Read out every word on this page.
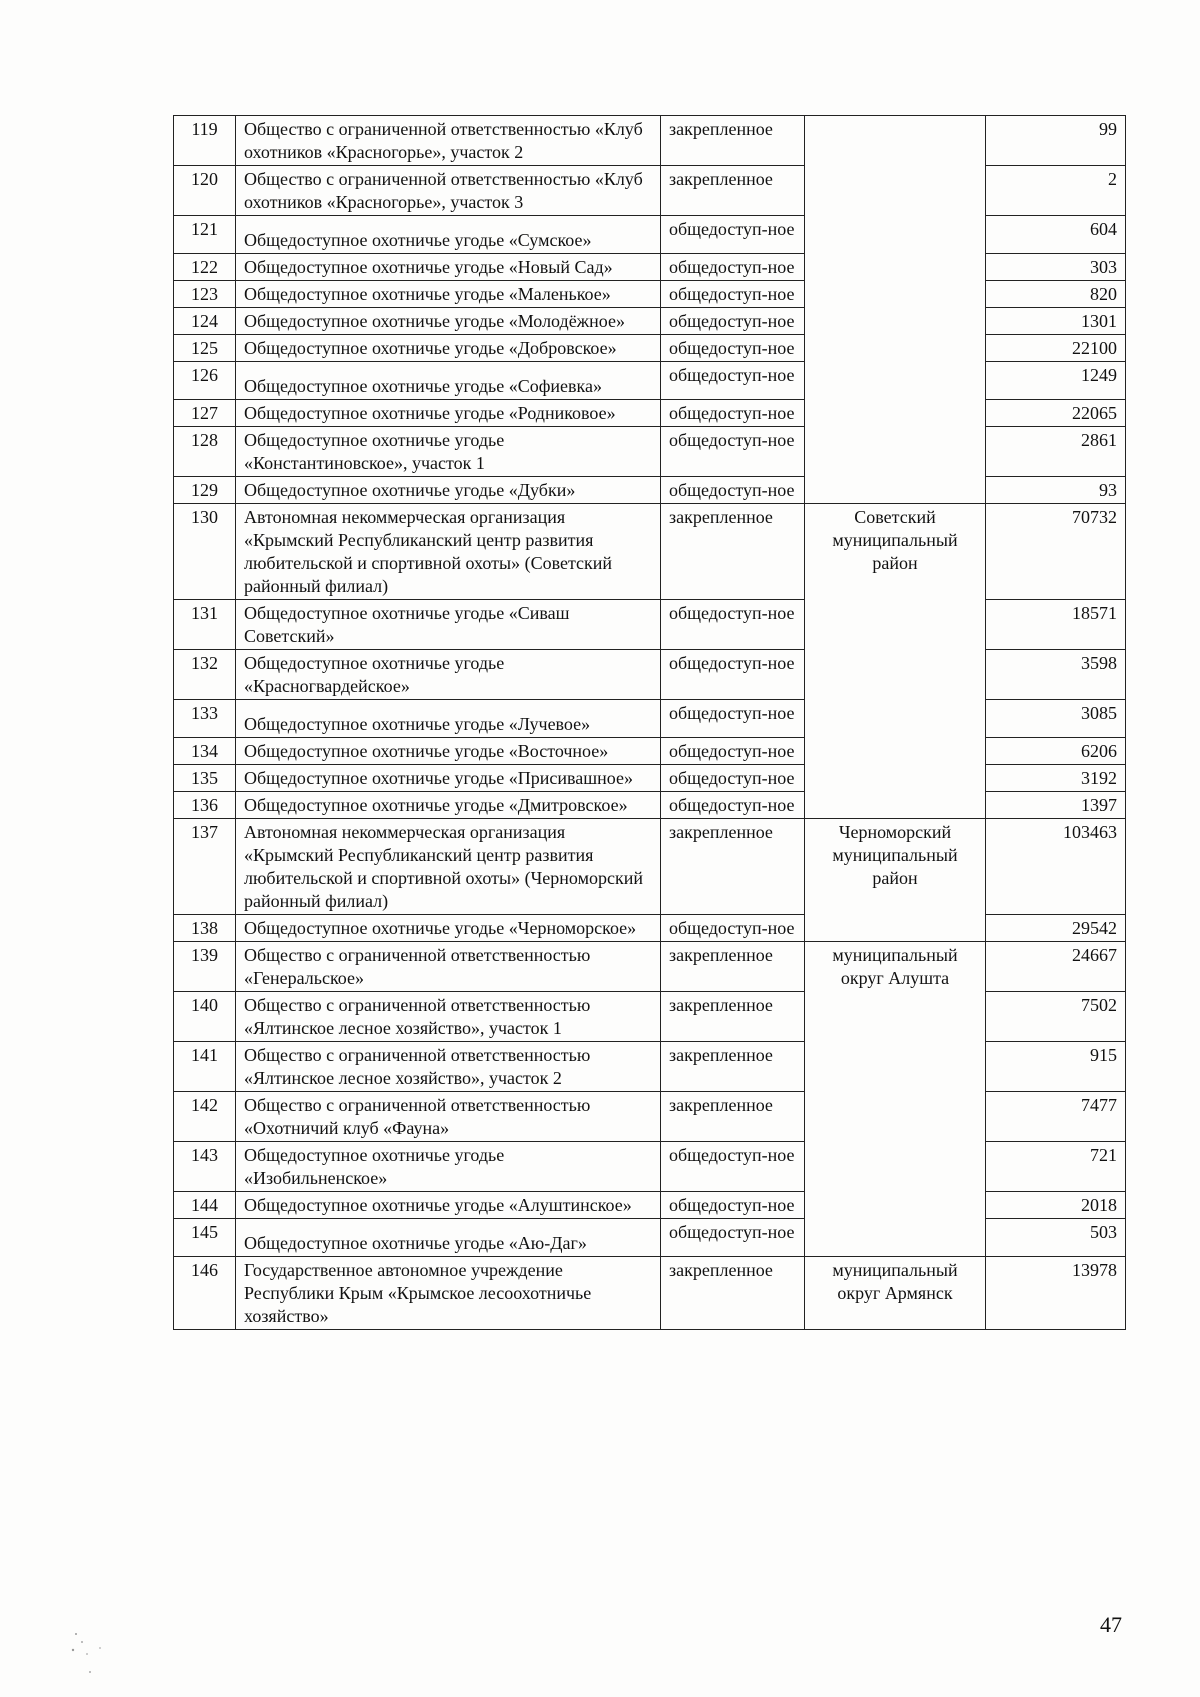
119	Общество с ограниченной ответственностью «Клуб охотников «Красногорье», участок 2	закрепленное		99
120	Общество с ограниченной ответственностью «Клуб охотников «Красногорье», участок 3	закрепленное		2
121	Общедоступное охотничье угодье «Сумское»	общедоступ-ное		604
122	Общедоступное охотничье угодье «Новый Сад»	общедоступ-ное		303
123	Общедоступное охотничье угодье «Маленькое»	общедоступ-ное		820
124	Общедоступное охотничье угодье «Молодёжное»	общедоступ-ное		1301
125	Общедоступное охотничье угодье «Добровское»	общедоступ-ное		22100
126	Общедоступное охотничье угодье «Софиевка»	общедоступ-ное		1249
127	Общедоступное охотничье угодье «Родниковое»	общедоступ-ное		22065
128	Общедоступное охотничье угодье «Константиновское», участок 1	общедоступ-ное		2861
129	Общедоступное охотничье угодье «Дубки»	общедоступ-ное		93
130	Автономная некоммерческая организация «Крымский Республиканский центр развития любительской и спортивной охоты» (Советский районный филиал)	закрепленное	Советский муниципальный район	70732
131	Общедоступное охотничье угодье «Сиваш Советский»	общедоступ-ное		18571
132	Общедоступное охотничье угодье «Красногвардейское»	общедоступ-ное		3598
133	Общедоступное охотничье угодье «Лучевое»	общедоступ-ное		3085
134	Общедоступное охотничье угодье «Восточное»	общедоступ-ное		6206
135	Общедоступное охотничье угодье «Присивашное»	общедоступ-ное		3192
136	Общедоступное охотничье угодье «Дмитровское»	общедоступ-ное		1397
137	Автономная некоммерческая организация «Крымский Республиканский центр развития любительской и спортивной охоты» (Черноморский районный филиал)	закрепленное	Черноморский муниципальный район	103463
138	Общедоступное охотничье угодье «Черноморское»	общедоступ-ное		29542
139	Общество с ограниченной ответственностью «Генеральское»	закрепленное	муниципальный округ Алушта	24667
140	Общество с ограниченной ответственностью «Ялтинское лесное хозяйство», участок 1	закрепленное		7502
141	Общество с ограниченной ответственностью «Ялтинское лесное хозяйство», участок 2	закрепленное		915
142	Общество с ограниченной ответственностью «Охотничий клуб «Фауна»	закрепленное		7477
143	Общедоступное охотничье угодье «Изобильненское»	общедоступ-ное		721
144	Общедоступное охотничье угодье «Алуштинское»	общедоступ-ное		2018
145	Общедоступное охотничье угодье «Аю-Даг»	общедоступ-ное		503
146	Государственное автономное учреждение Республики Крым «Крымское лесоохотничье хозяйство»	закрепленное	муниципальный округ Армянск	13978
47
